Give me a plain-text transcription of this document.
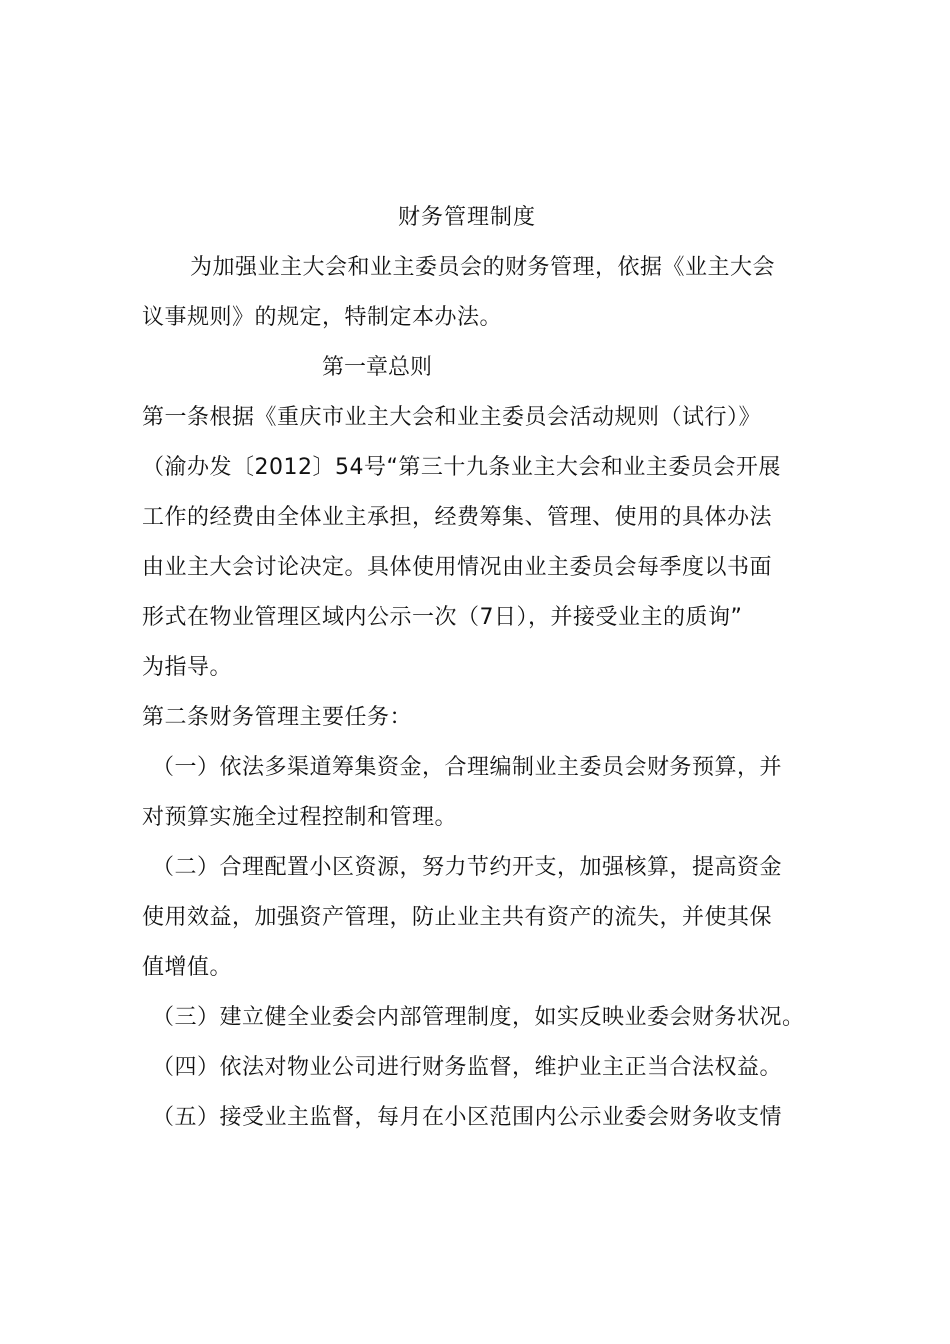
财务管理制度
为加强业主大会和业主委员会的财务管理，依据《业主大会
议事规则》的规定，特制定本办法。
第一章总则
第一条根据《重庆市业主大会和业主委员会活动规则（试行）》
（渝办发〔2012〕54号“第三十九条业主大会和业主委员会开展
工作的经费由全体业主承担，经费筹集、管理、使用的具体办法
由业主大会讨论决定。具体使用情况由业主委员会每季度以书面
形式在物业管理区域内公示一次（7日），并接受业主的质询”
为指导。
第二条财务管理主要任务：
（一）依法多渠道筹集资金，合理编制业主委员会财务预算，并
对预算实施全过程控制和管理。
（二）合理配置小区资源，努力节约开支，加强核算，提高资金
使用效益，加强资产管理，防止业主共有资产的流失，并使其保
值增值。
（三）建立健全业委会内部管理制度，如实反映业委会财务状况。
（四）依法对物业公司进行财务监督，维护业主正当合法权益。
（五）接受业主监督，每月在小区范围内公示业委会财务收支情
